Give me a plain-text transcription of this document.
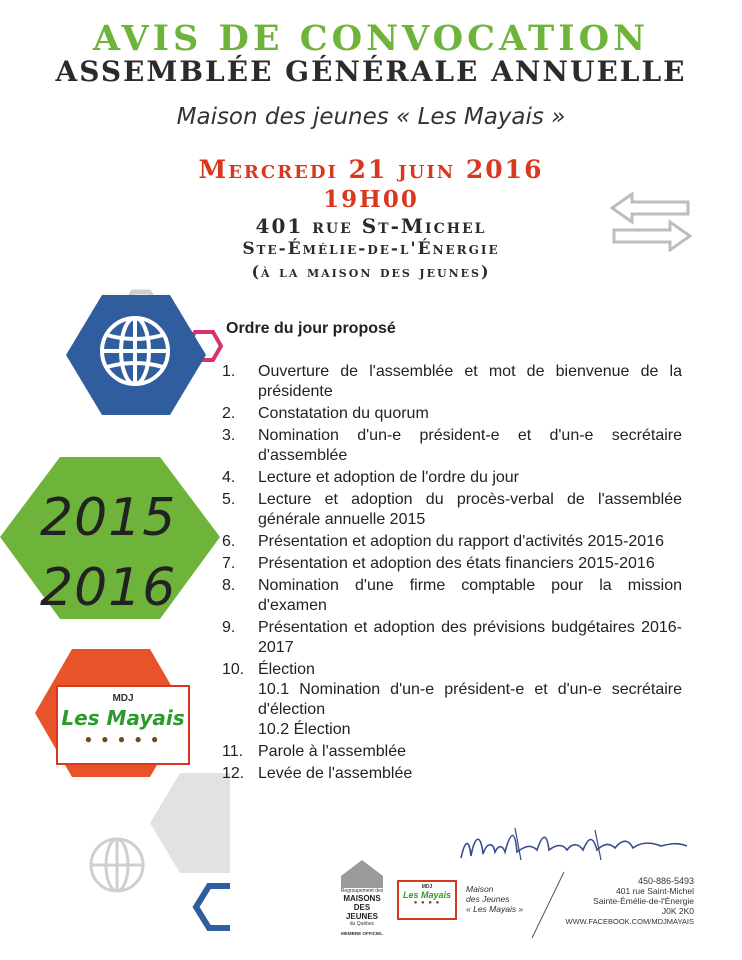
AVIS DE CONVOCATION
ASSEMBLÉE GÉNÉRALE ANNUELLE
Maison des jeunes « Les Mayais »
Mercredi 21 juin 2016
19H00
401 rue St-Michel
Ste-Émélie-de-l'Énergie
(à la maison des jeunes)
2015
2016
MDJ
Les Mayais
● ● ● ● ●
Ordre du jour proposé
1.	Ouverture de l'assemblée et mot de bienvenue de la présidente
2.	Constatation du quorum
3.	Nomination d'un-e président-e et d'un-e secrétaire d'assemblée
4.	Lecture et adoption de l'ordre du jour
5.	Lecture et adoption du procès-verbal de l'assemblée générale annuelle 2015
6.	Présentation et adoption du rapport d'activités 2015-2016
7.	Présentation et adoption des états financiers 2015-2016
8.	Nomination d'une firme comptable pour la mission d'examen
9.	Présentation et adoption des prévisions budgétaires 2016-2017
10. Élection
10.1 Nomination d'un-e président-e et d'un-e secrétaire d'élection
10.2 Élection
11. Parole à l'assemblée
12. Levée de l'assemblée
Regroupement des
MAISONS
DES JEUNES
du Québec
MEMBRE OFFICIEL
MDJ
Les Mayais
● ● ● ●
Maison
des Jeunes
« Les Mayais »
450-886-5493
401 rue Saint-Michel
Sainte-Émélie-de-l'Énergie
J0K 2K0
WWW.FACEBOOK.COM/MDJMAYAIS
